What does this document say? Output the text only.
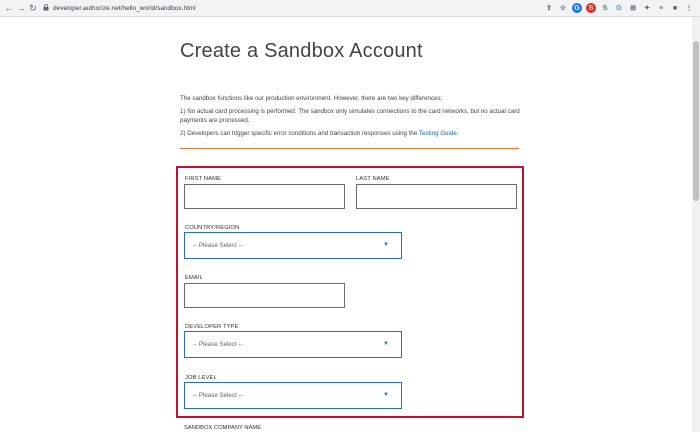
← → ↻	developer.authorize.net/hello_world/sandbox.html	⇪ ☆	G	S	S	G	⊞ ✦	≡	■	⋮
Create a Sandbox Account

The sandbox functions like our production environment. However, there are two key differences:

1) No actual card processing is performed. The sandbox only simulates connections to the card networks, but no actual card payments are processed.

2) Developers can trigger specific error conditions and transaction responses using the Testing Guide.

FIRST NAME	LAST NAME
COUNTRY/REGION
-- Please Select --	▼
EMAIL
DEVELOPER TYPE
-- Please Select --	▼
JOB LEVEL
-- Please Select --	▼
SANDBOX COMPANY NAME
